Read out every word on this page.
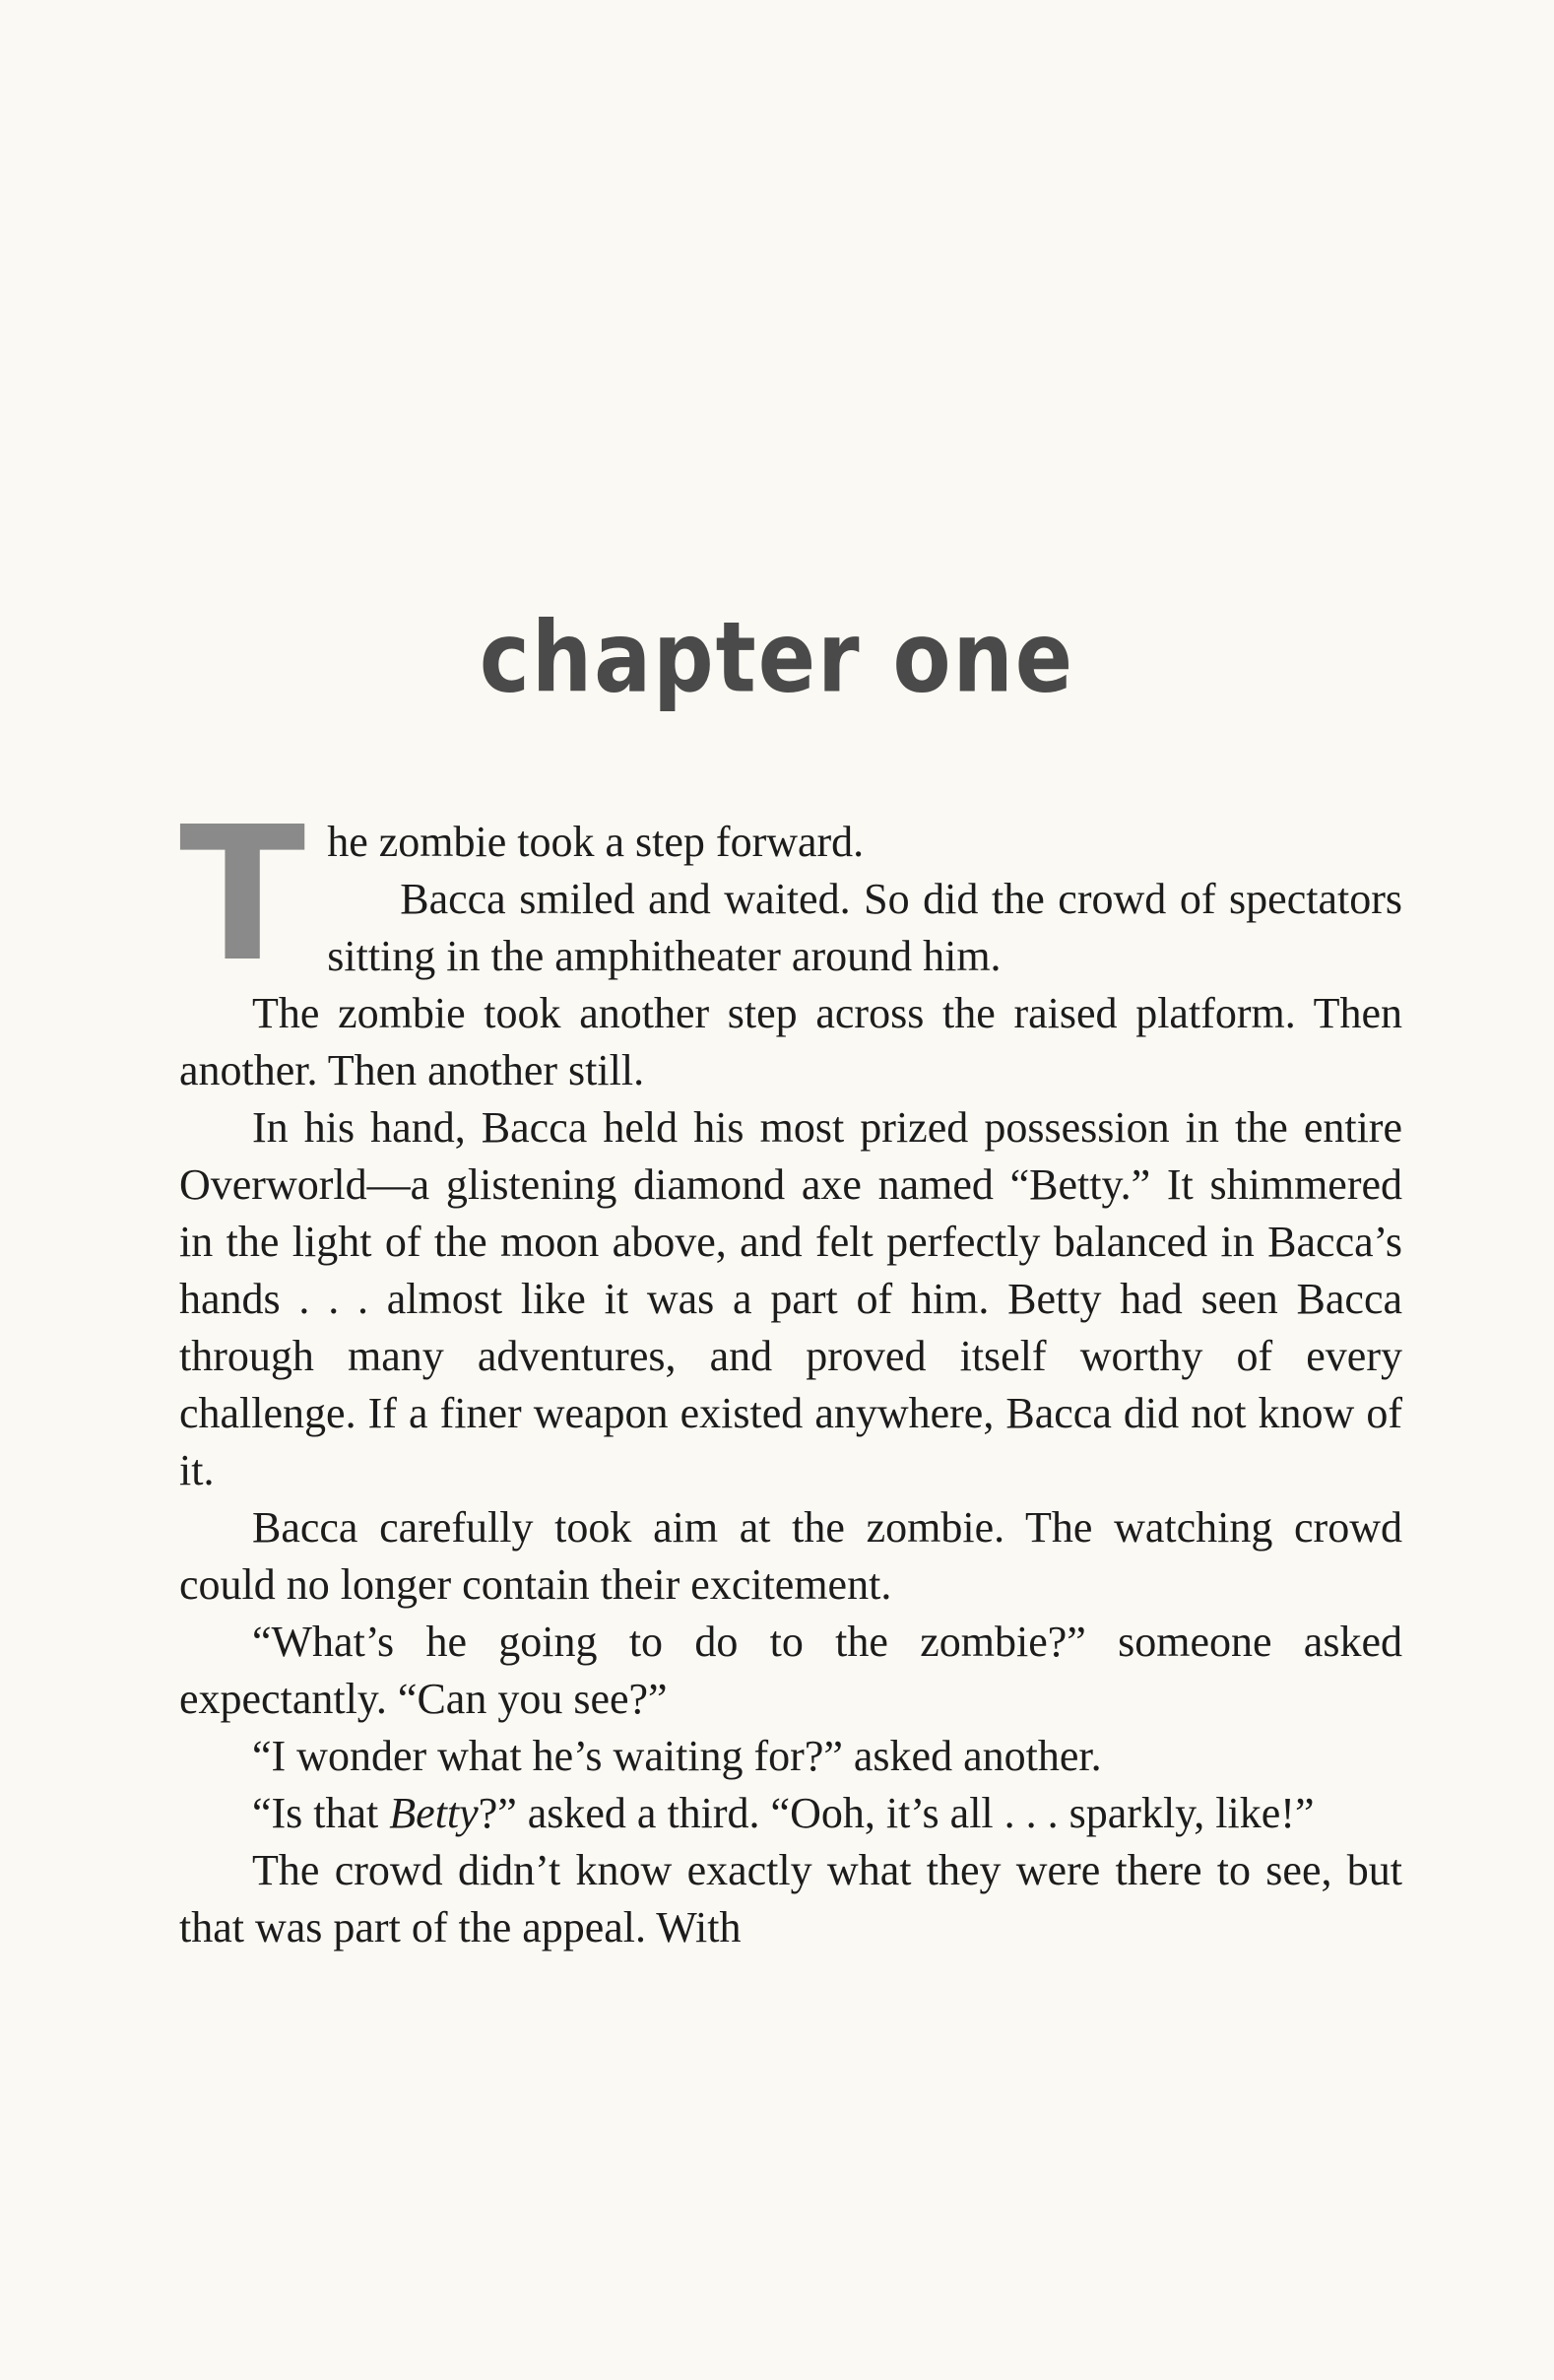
chapter one

T he zombie took a step forward.
Bacca smiled and waited. So did the crowd of spectators sitting in the amphitheater around him.

The zombie took another step across the raised platform. Then another. Then another still.

In his hand, Bacca held his most prized possession in the entire Overworld—a glistening diamond axe named “Betty.” It shimmered in the light of the moon above, and felt perfectly balanced in Bacca’s hands . . . almost like it was a part of him. Betty had seen Bacca through many adventures, and proved itself worthy of every challenge. If a finer weapon existed anywhere, Bacca did not know of it.

Bacca carefully took aim at the zombie. The watching crowd could no longer contain their excitement.

“What’s he going to do to the zombie?” someone asked expectantly. “Can you see?”

“I wonder what he’s waiting for?” asked another.

“Is that Betty?” asked a third. “Ooh, it’s all . . . sparkly, like!”

The crowd didn’t know exactly what they were there to see, but that was part of the appeal. With
